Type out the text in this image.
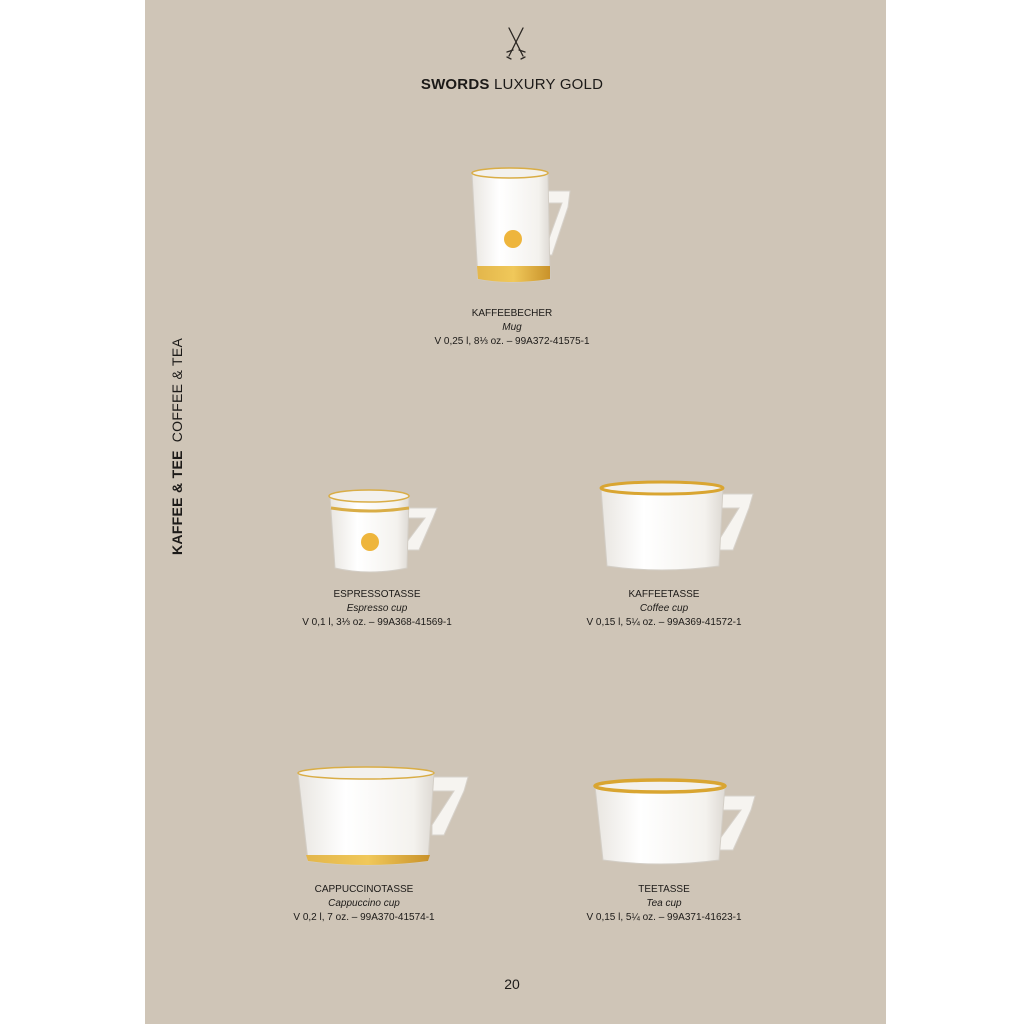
SWORDS LUXURY GOLD
KAFFEE & TEECOFFEE & TEA
KAFFEEBECHER
Mug
V 0,25 l, 8⅓ oz. – 99A372-41575-1
ESPRESSOTASSE
Espresso cup
V 0,1 l, 3⅓ oz. – 99A368-41569-1
KAFFEETASSE
Coffee cup
V 0,15 l, 5¼ oz. – 99A369-41572-1
CAPPUCCINOTASSE
Cappuccino cup
V 0,2 l, 7 oz. – 99A370-41574-1
TEETASSE
Tea cup
V 0,15 l, 5¼ oz. – 99A371-41623-1
20
